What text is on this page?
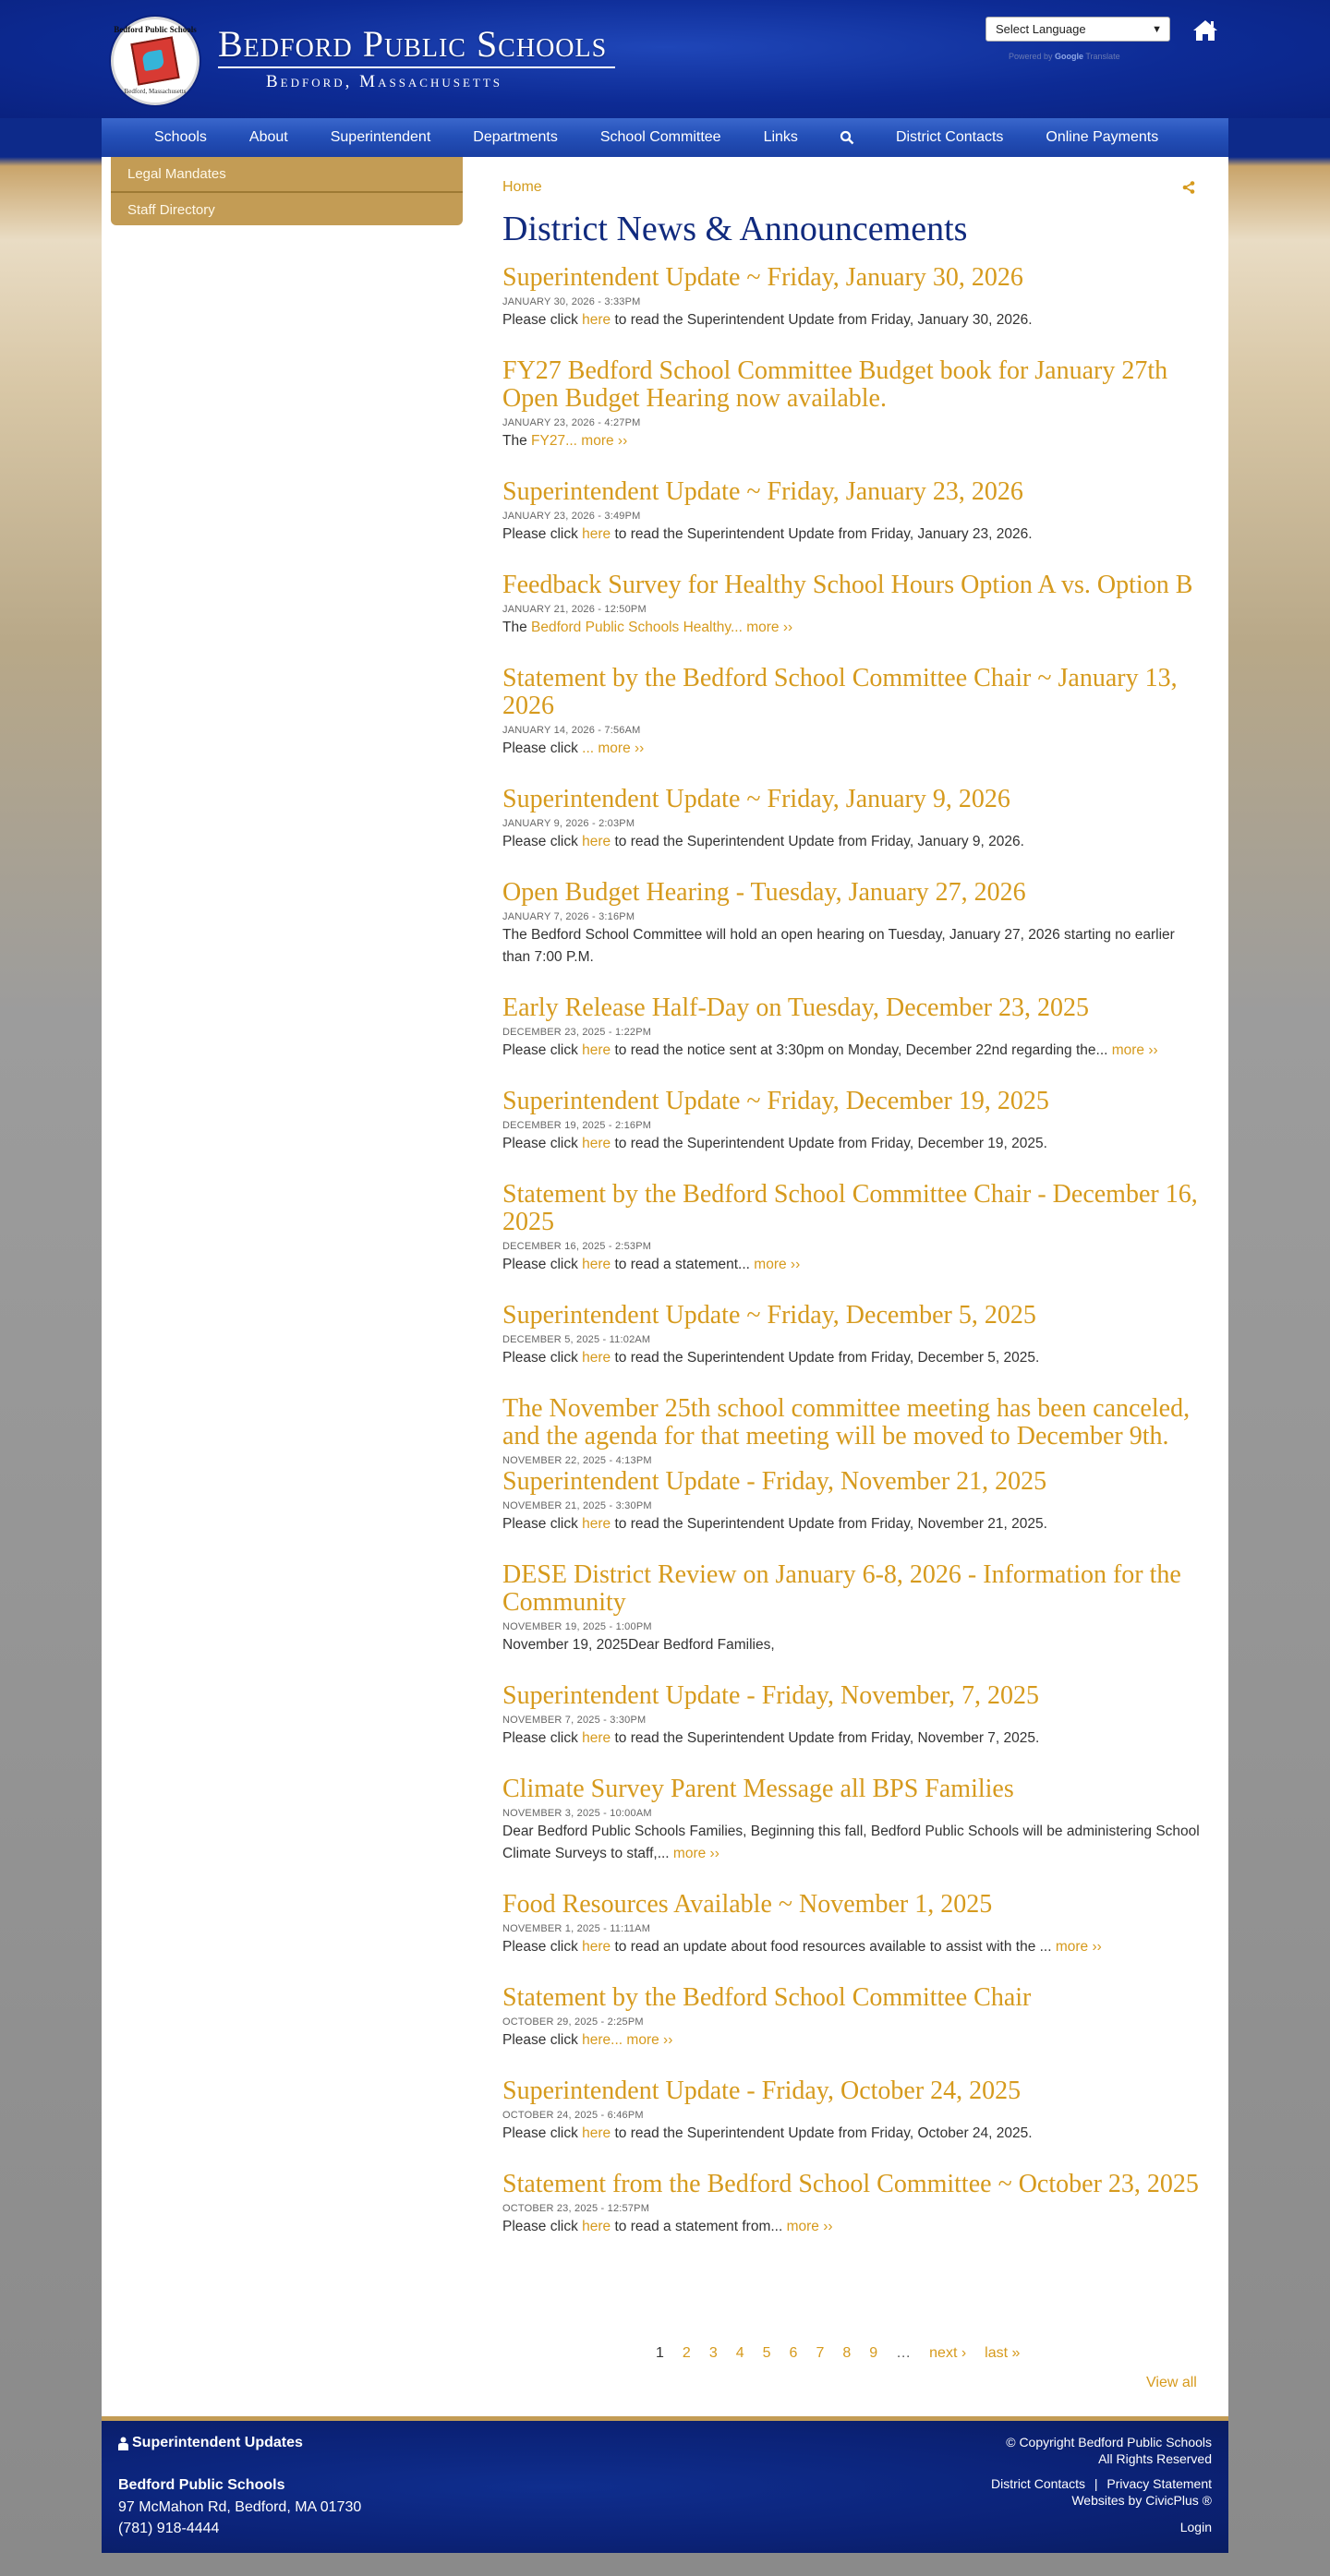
Bedford Public Schools
Bedford, Massachusetts
Bedford Public Schools
Bedford, Massachusetts
Select Language	▼
Powered by Google Translate
Schools	About	Superintendent	Departments	School Committee	Links	District Contacts	Online Payments
Legal Mandates
Staff Directory
Home
District News & Announcements
Superintendent Update ~ Friday, January 30, 2026
JANUARY 30, 2026 - 3:33PM
Please click here to read the Superintendent Update from Friday, January 30, 2026.
FY27 Bedford School Committee Budget book for January 27th Open Budget Hearing now available.
JANUARY 23, 2026 - 4:27PM
The FY27... more ››
Superintendent Update ~ Friday, January 23, 2026
JANUARY 23, 2026 - 3:49PM
Please click here to read the Superintendent Update from Friday, January 23, 2026.
Feedback Survey for Healthy School Hours Option A vs. Option B
JANUARY 21, 2026 - 12:50PM
The Bedford Public Schools Healthy... more ››
Statement by the Bedford School Committee Chair ~ January 13, 2026
JANUARY 14, 2026 - 7:56AM
Please click ... more ››
Superintendent Update ~ Friday, January 9, 2026
JANUARY 9, 2026 - 2:03PM
Please click here to read the Superintendent Update from Friday, January 9, 2026.
Open Budget Hearing - Tuesday, January 27, 2026
JANUARY 7, 2026 - 3:16PM
The Bedford School Committee will hold an open hearing on Tuesday, January 27, 2026 starting no earlier than 7:00 P.M.
Early Release Half-Day on Tuesday, December 23, 2025
DECEMBER 23, 2025 - 1:22PM
Please click here to read the notice sent at 3:30pm on Monday, December 22nd regarding the... more ››
Superintendent Update ~ Friday, December 19, 2025
DECEMBER 19, 2025 - 2:16PM
Please click here to read the Superintendent Update from Friday, December 19, 2025.
Statement by the Bedford School Committee Chair - December 16, 2025
DECEMBER 16, 2025 - 2:53PM
Please click here to read a statement... more ››
Superintendent Update ~ Friday, December 5, 2025
DECEMBER 5, 2025 - 11:02AM
Please click here to read the Superintendent Update from Friday, December 5, 2025.
The November 25th school committee meeting has been canceled, and the agenda for that meeting will be moved to December 9th.
NOVEMBER 22, 2025 - 4:13PM
Superintendent Update - Friday, November 21, 2025
NOVEMBER 21, 2025 - 3:30PM
Please click here to read the Superintendent Update from Friday, November 21, 2025.
DESE District Review on January 6-8, 2026 - Information for the Community
NOVEMBER 19, 2025 - 1:00PM
November 19, 2025Dear Bedford Families,
Superintendent Update - Friday, November, 7, 2025
NOVEMBER 7, 2025 - 3:30PM
Please click here to read the Superintendent Update from Friday, November 7, 2025.
Climate Survey Parent Message all BPS Families
NOVEMBER 3, 2025 - 10:00AM
Dear Bedford Public Schools Families, Beginning this fall, Bedford Public Schools will be administering School Climate Surveys to staff,... more ››
Food Resources Available ~ November 1, 2025
NOVEMBER 1, 2025 - 11:11AM
Please click here to read an update about food resources available to assist with the ... more ››
Statement by the Bedford School Committee Chair
OCTOBER 29, 2025 - 2:25PM
Please click here... more ››
Superintendent Update - Friday, October 24, 2025
OCTOBER 24, 2025 - 6:46PM
Please click here to read the Superintendent Update from Friday, October 24, 2025.
Statement from the Bedford School Committee ~ October 23, 2025
OCTOBER 23, 2025 - 12:57PM
Please click here to read a statement from... more ››
1 2 3 4 5 6 7 8 9 … next › last »
View all
Superintendent Updates
Bedford Public Schools
97 McMahon Rd, Bedford, MA 01730
(781) 918-4444
© Copyright Bedford Public Schools
All Rights Reserved
District Contacts | Privacy Statement
Websites by CivicPlus ®
Login
